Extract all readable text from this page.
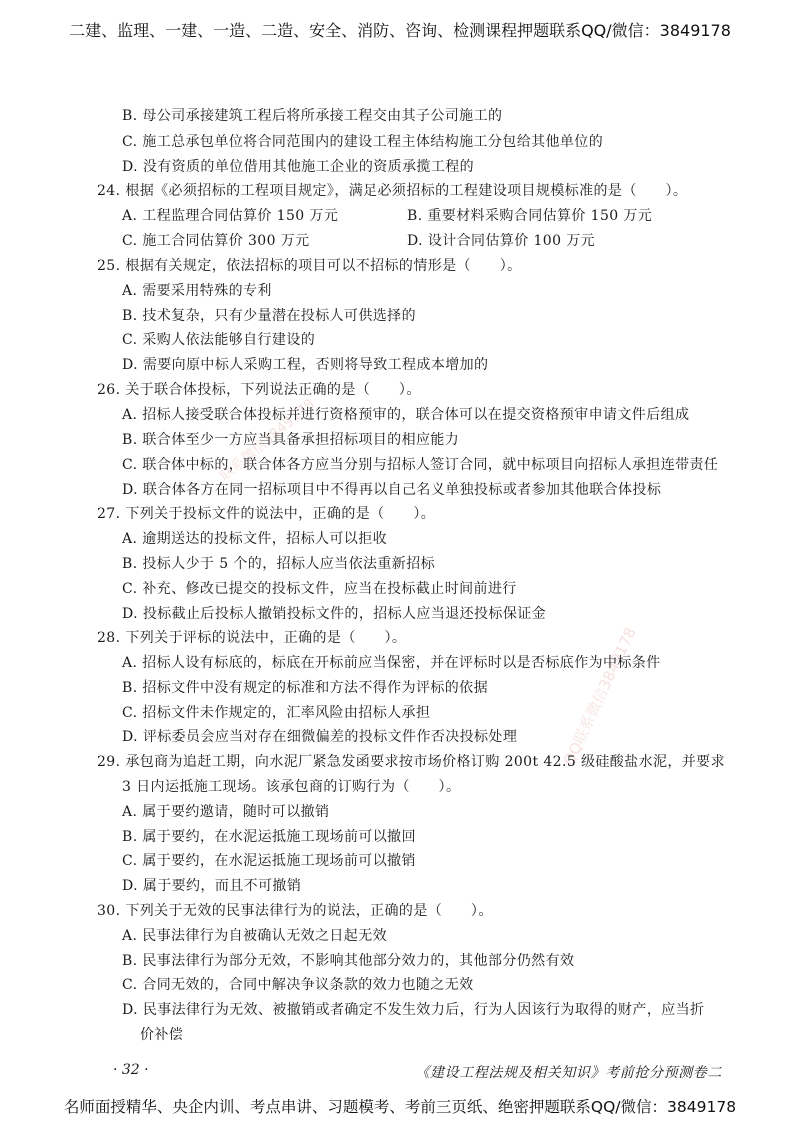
二建、监理、一建、一造、二造、安全、消防、咨询、检测课程押题联系QQ/微信：3849178
联系微信3849178
QQ联系微信3849178
B. 母公司承接建筑工程后将所承接工程交由其子公司施工的
C. 施工总承包单位将合同范围内的建设工程主体结构施工分包给其他单位的
D. 没有资质的单位借用其他施工企业的资质承揽工程的
24. 根据《必须招标的工程项目规定》，满足必须招标的工程建设项目规模标准的是（　　）。
A. 工程监理合同估算价 150 万元	B. 重要材料采购合同估算价 150 万元
C. 施工合同估算价 300 万元	D. 设计合同估算价 100 万元
25. 根据有关规定，依法招标的项目可以不招标的情形是（　　）。
A. 需要采用特殊的专利
B. 技术复杂，只有少量潜在投标人可供选择的
C. 采购人依法能够自行建设的
D. 需要向原中标人采购工程，否则将导致工程成本增加的
26. 关于联合体投标，下列说法正确的是（　　）。
A. 招标人接受联合体投标并进行资格预审的，联合体可以在提交资格预审申请文件后组成
B. 联合体至少一方应当具备承担招标项目的相应能力
C. 联合体中标的，联合体各方应当分别与招标人签订合同，就中标项目向招标人承担连带责任
D. 联合体各方在同一招标项目中不得再以自己名义单独投标或者参加其他联合体投标
27. 下列关于投标文件的说法中，正确的是（　　）。
A. 逾期送达的投标文件，招标人可以拒收
B. 投标人少于 5 个的，招标人应当依法重新招标
C. 补充、修改已提交的投标文件，应当在投标截止时间前进行
D. 投标截止后投标人撤销投标文件的，招标人应当退还投标保证金
28. 下列关于评标的说法中，正确的是（　　）。
A. 招标人设有标底的，标底在开标前应当保密，并在评标时以是否标底作为中标条件
B. 招标文件中没有规定的标准和方法不得作为评标的依据
C. 招标文件未作规定的，汇率风险由招标人承担
D. 评标委员会应当对存在细微偏差的投标文件作否决投标处理
29. 承包商为追赶工期，向水泥厂紧急发函要求按市场价格订购 200t 42.5 级硅酸盐水泥，并要求
3 日内运抵施工现场。该承包商的订购行为（　　）。
A. 属于要约邀请，随时可以撤销
B. 属于要约，在水泥运抵施工现场前可以撤回
C. 属于要约，在水泥运抵施工现场前可以撤销
D. 属于要约，而且不可撤销
30. 下列关于无效的民事法律行为的说法，正确的是（　　）。
A. 民事法律行为自被确认无效之日起无效
B. 民事法律行为部分无效，不影响其他部分效力的，其他部分仍然有效
C. 合同无效的，合同中解决争议条款的效力也随之无效
D. 民事法律行为无效、被撤销或者确定不发生效力后，行为人因该行为取得的财产，应当折
价补偿
· 32 ·	《建设工程法规及相关知识》考前抢分预测卷二
名师面授精华、央企内训、考点串讲、习题模考、考前三页纸、绝密押题联系QQ/微信：3849178
